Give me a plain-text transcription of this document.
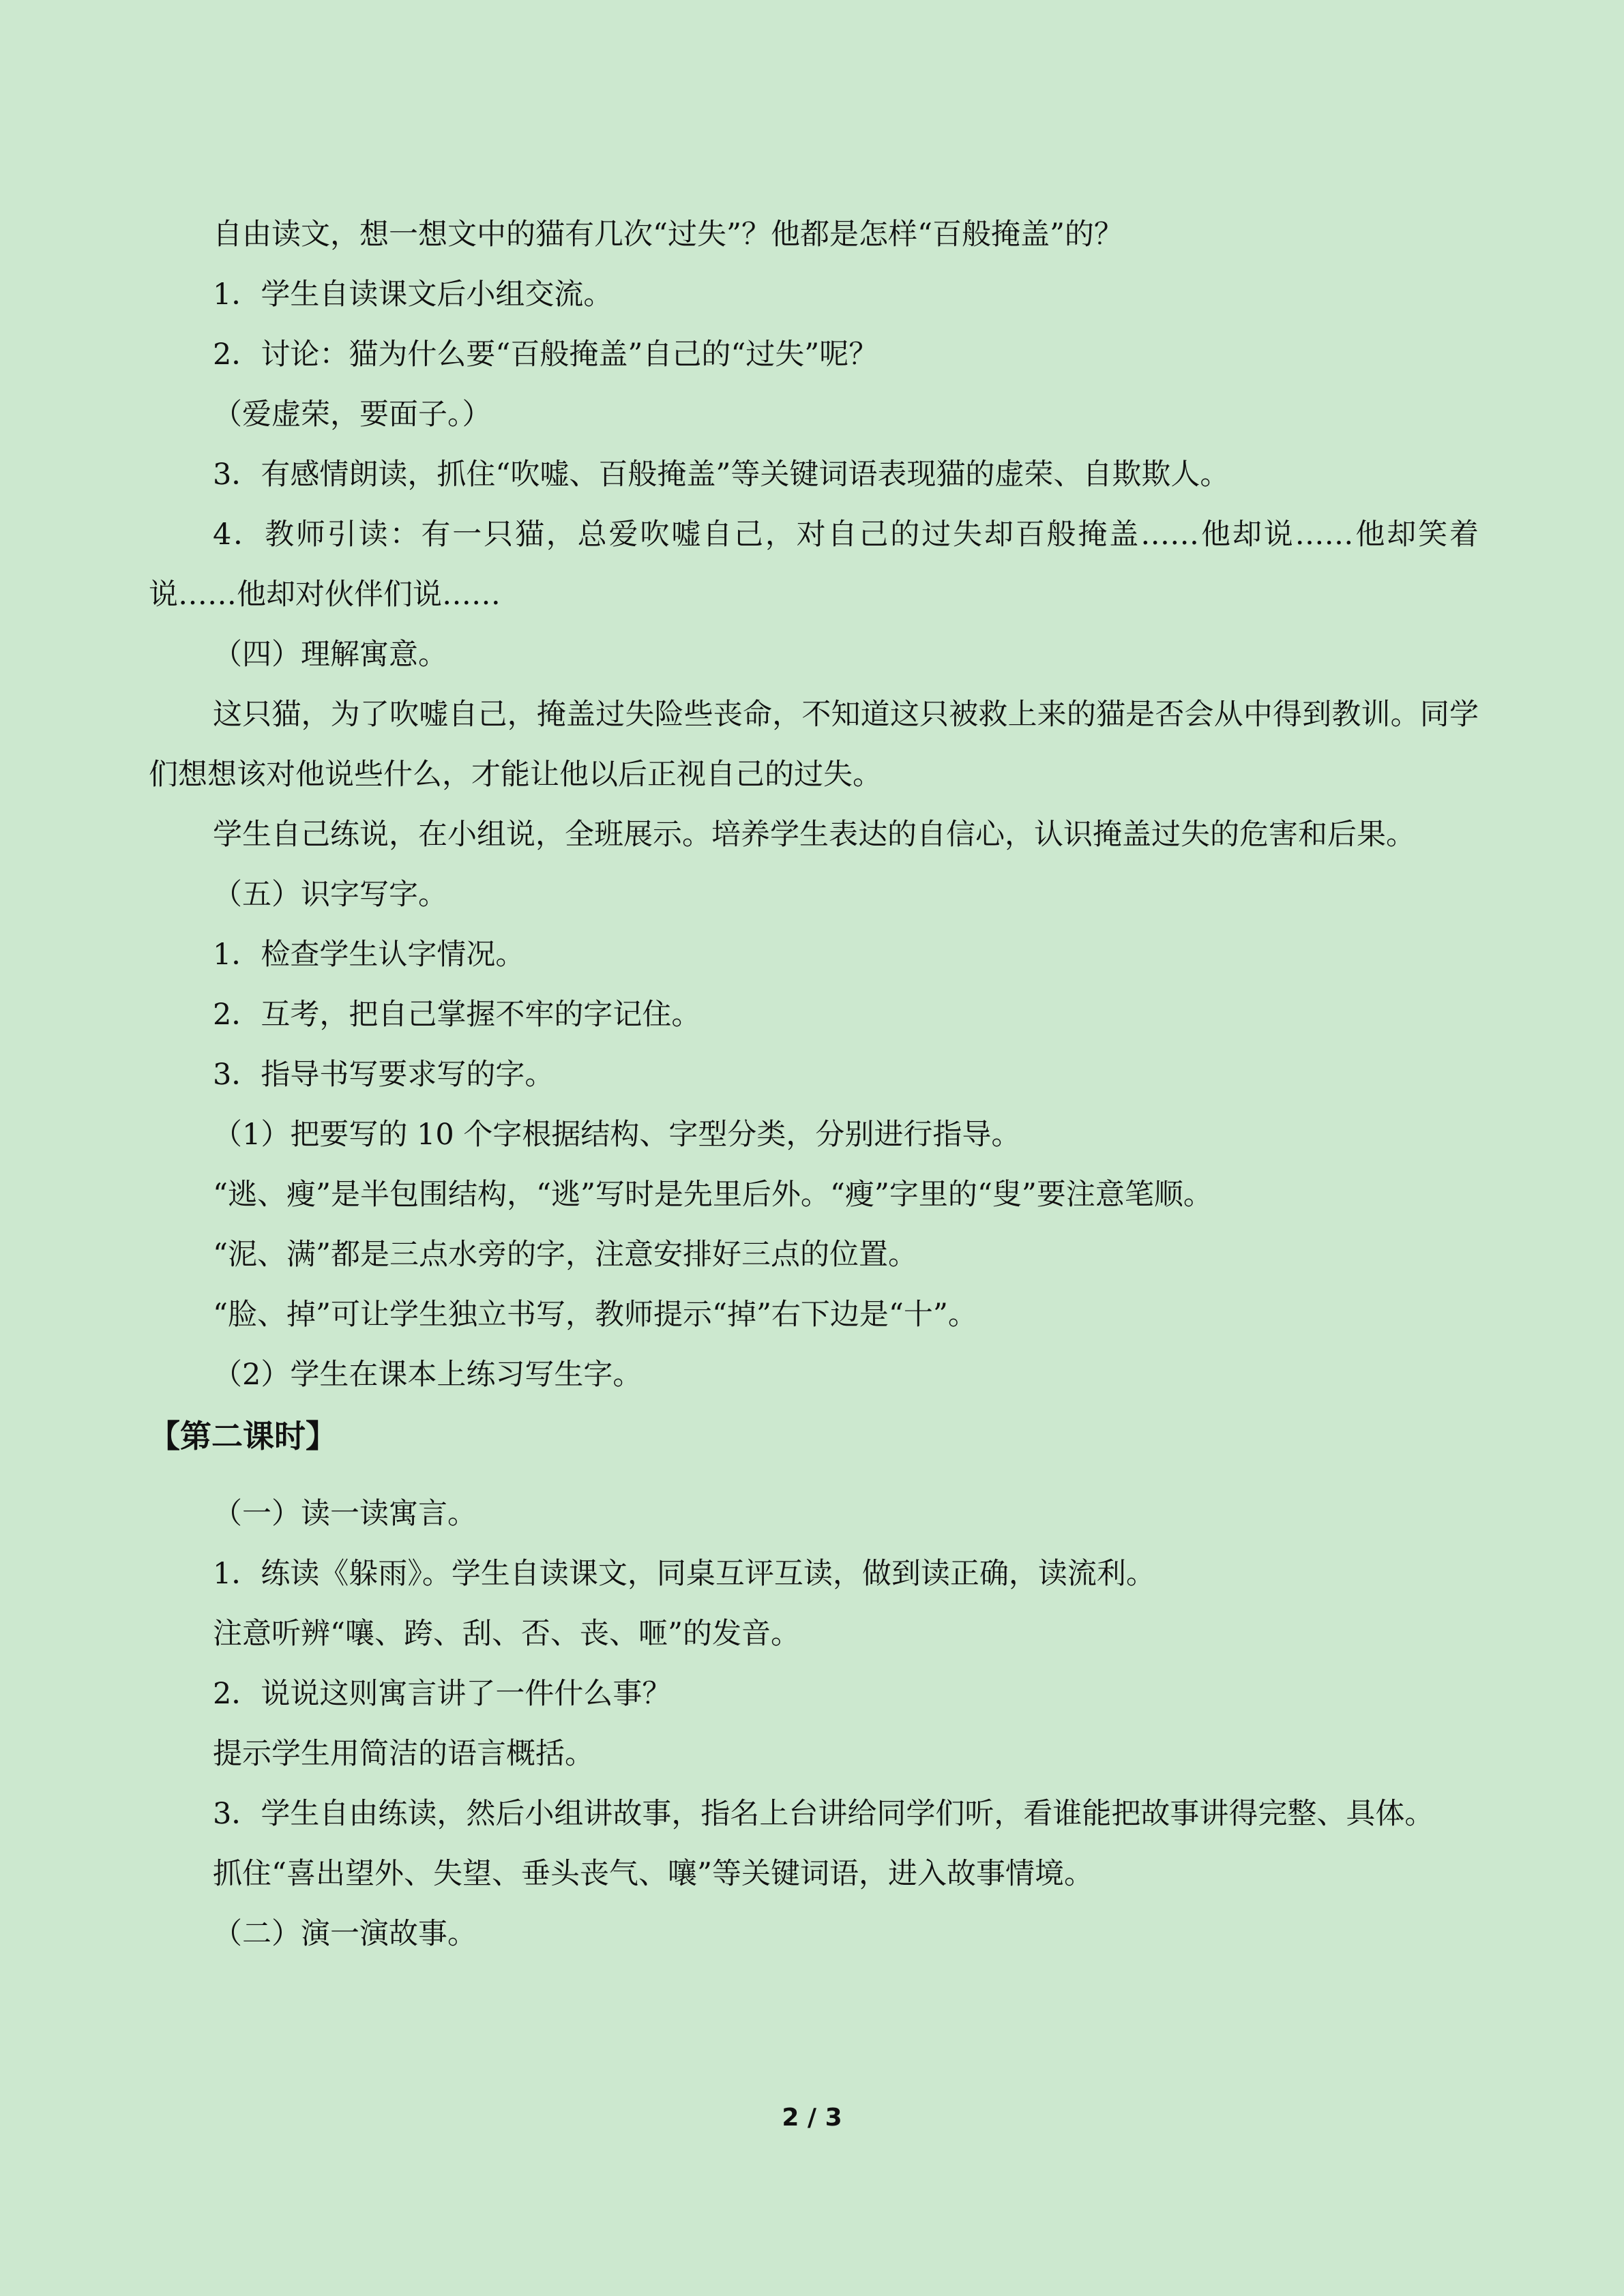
自由读文，想一想文中的猫有几次“过失”？他都是怎样“百般掩盖”的？
1．学生自读课文后小组交流。
2．讨论：猫为什么要“百般掩盖”自己的“过失”呢？
（爱虚荣，要面子。）
3．有感情朗读，抓住“吹嘘、百般掩盖”等关键词语表现猫的虚荣、自欺欺人。
4．教师引读：有一只猫，总爱吹嘘自己，对自己的过失却百般掩盖……他却说……他却笑着说……他却对伙伴们说……
（四）理解寓意。
这只猫，为了吹嘘自己，掩盖过失险些丧命，不知道这只被救上来的猫是否会从中得到教训。同学们想想该对他说些什么，才能让他以后正视自己的过失。
学生自己练说，在小组说，全班展示。培养学生表达的自信心，认识掩盖过失的危害和后果。
（五）识字写字。
1．检查学生认字情况。
2．互考，把自己掌握不牢的字记住。
3．指导书写要求写的字。
（1）把要写的 10 个字根据结构、字型分类，分别进行指导。
“逃、瘦”是半包围结构，“逃”写时是先里后外。“瘦”字里的“叟”要注意笔顺。
“泥、满”都是三点水旁的字，注意安排好三点的位置。
“脸、掉”可让学生独立书写，教师提示“掉”右下边是“十”。
（2）学生在课本上练习写生字。
【第二课时】
（一）读一读寓言。
1．练读《躲雨》。学生自读课文，同桌互评互读，做到读正确，读流利。
注意听辨“嚷、跨、刮、否、丧、咂”的发音。
2．说说这则寓言讲了一件什么事？
提示学生用简洁的语言概括。
3．学生自由练读，然后小组讲故事，指名上台讲给同学们听，看谁能把故事讲得完整、具体。
抓住“喜出望外、失望、垂头丧气、嚷”等关键词语，进入故事情境。
（二）演一演故事。
2 / 3
